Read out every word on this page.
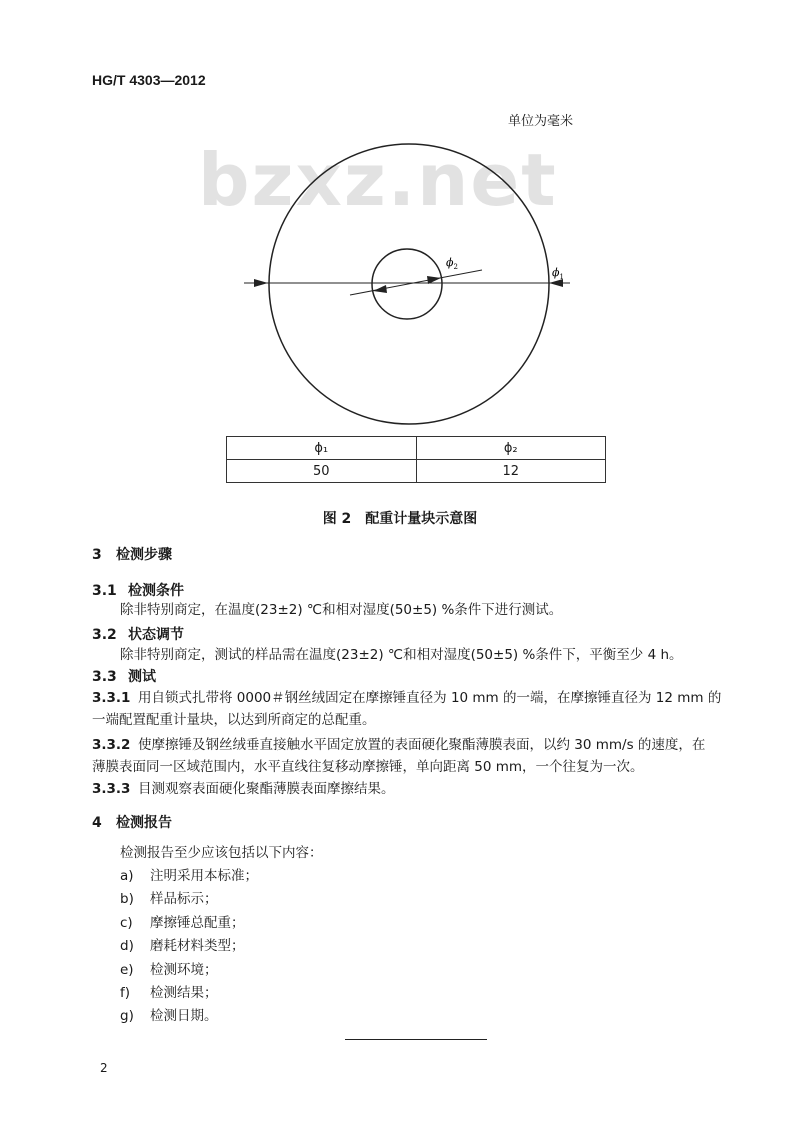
HG/T 4303—2012
单位为毫米
bzxz.net
$\phi_2$	$\phi_1$
ϕ₁	ϕ₂
50	12
图 2　配重计量块示意图
3 检测步骤
3.1 检测条件
除非特别商定，在温度(23±2) ℃和相对湿度(50±5) %条件下进行测试。
3.2 状态调节
除非特别商定，测试的样品需在温度(23±2) ℃和相对湿度(50±5) %条件下，平衡至少 4 h。
3.3 测试
3.3.1 用自锁式扎带将 0000＃钢丝绒固定在摩擦锤直径为 10 mm 的一端，在摩擦锤直径为 12 mm 的
一端配置配重计量块，以达到所商定的总配重。
3.3.2 使摩擦锤及钢丝绒垂直接触水平固定放置的表面硬化聚酯薄膜表面，以约 30 mm/s 的速度，在
薄膜表面同一区域范围内，水平直线往复移动摩擦锤，单向距离 50 mm，一个往复为一次。
3.3.3 目测观察表面硬化聚酯薄膜表面摩擦结果。
4 检测报告
检测报告至少应该包括以下内容：
a) 注明采用本标准；
b) 样品标示；
c) 摩擦锤总配重；
d) 磨耗材料类型；
e) 检测环境；
f) 检测结果；
g) 检测日期。
2
